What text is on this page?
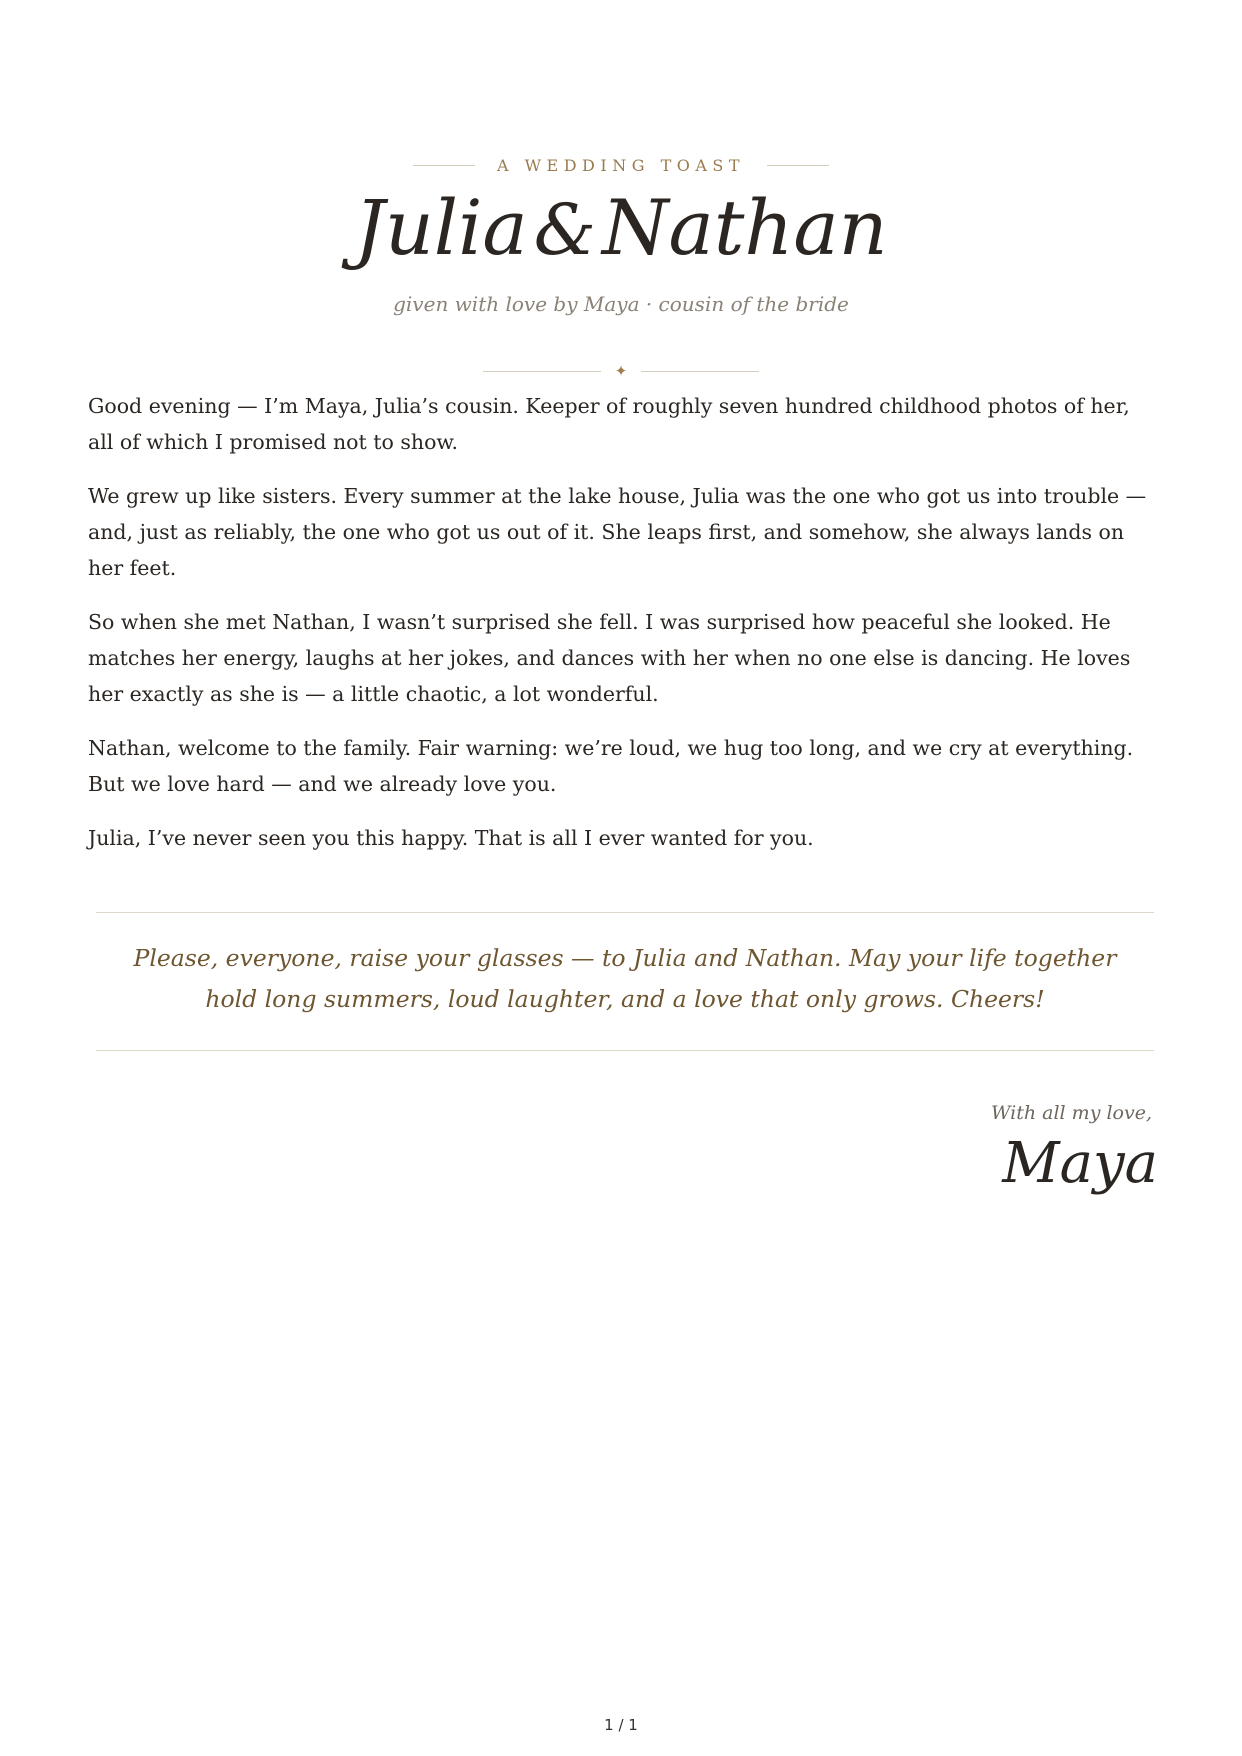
A WEDDING TOAST
Julia&Nathan
given with love by Maya · cousin of the bride
✦

Good evening — I’m Maya, Julia’s cousin. Keeper of roughly seven hundred childhood photos of her, all of which I promised not to show.

We grew up like sisters. Every summer at the lake house, Julia was the one who got us into trouble — and, just as reliably, the one who got us out of it. She leaps first, and somehow, she always lands on her feet.

So when she met Nathan, I wasn’t surprised she fell. I was surprised how peaceful she looked. He matches her energy, laughs at her jokes, and dances with her when no one else is dancing. He loves her exactly as she is — a little chaotic, a lot wonderful.

Nathan, welcome to the family. Fair warning: we’re loud, we hug too long, and we cry at everything. But we love hard — and we already love you.

Julia, I’ve never seen you this happy. That is all I ever wanted for you.

Please, everyone, raise your glasses — to Julia and Nathan. May your life together
hold long summers, loud laughter, and a love that only grows. Cheers!
With all my love,
Maya
1 / 1
